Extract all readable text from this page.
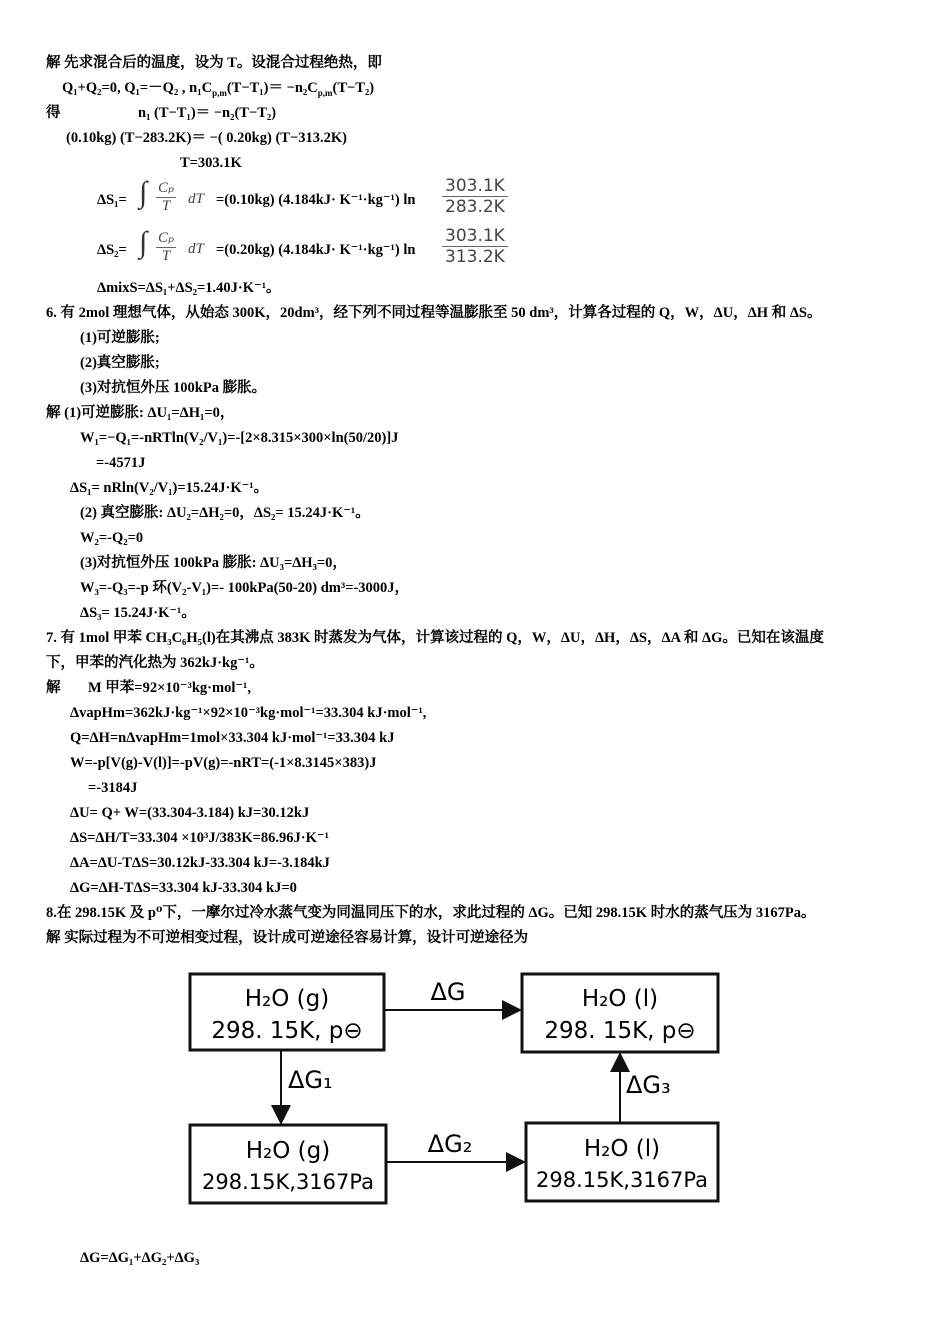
解 先求混合后的温度，设为 T。设混合过程绝热，即
Q₁+Q₂=0, Q₁=－Q₂ , $n_1C_{p,m}(T-T_1)= -n_2C_{p,m}(T-T_2)$
得	n₁ (T−T₁)＝ −n₂(T−T₂)
(0.10kg) (T−283.2K)＝ −( 0.20kg) (T−313.2K)
T=303.1K
ΔS₁= ∫ $\frac{\text{Cₚ}}{T}$ dT =(0.10kg) (4.184kJ· K⁻¹·kg⁻¹) $\ln \frac{303.1K}{283.2K}$
ΔS₂= ∫ $\frac{\text{Cₚ}}{T}$ dT =(0.20kg) (4.184kJ· K⁻¹·kg⁻¹) $\ln \frac{303.1K}{313.2K}$
ΔmixS=ΔS₁+ΔS₂=1.40J·K⁻¹。
6. 有 2mol 理想气体，从始态 300K，20dm³，经下列不同过程等温膨胀至 50 dm³，计算各过程的 Q，W，ΔU，ΔH 和 ΔS。
(1)可逆膨胀;
(2)真空膨胀;
(3)对抗恒外压 100kPa 膨胀。
解 (1)可逆膨胀: ΔU₁=ΔH₁=0，
W₁=−Q₁=-nRTln(V₂/V₁)=-[2×8.315×300×ln(50/20)]J
=-4571J
ΔS₁= nRln(V₂/V₁)=15.24J·K⁻¹。
(2) 真空膨胀: ΔU₂=ΔH₂=0，ΔS₂= 15.24J·K⁻¹。
W₂=-Q₂=0
(3)对抗恒外压 100kPa 膨胀: ΔU₃=ΔH₃=0，
W₃=-Q₃=-p 环(V₂-V₁)=- 100kPa(50-20) dm³=-3000J，
ΔS₃= 15.24J·K⁻¹。
7. 有 1mol 甲苯 CH₃C₆H₅(l)在其沸点 383K 时蒸发为气体，计算该过程的 Q，W，ΔU，ΔH，ΔS，ΔA 和 ΔG。已知在该温度
下，甲苯的汽化热为 362kJ·kg⁻¹。
解 M 甲苯=92×10⁻³kg·mol⁻¹,
ΔvapHm=362kJ·kg⁻¹×92×10⁻³kg·mol⁻¹=33.304 kJ·mol⁻¹,
Q=ΔH=nΔvapHm=1mol×33.304 kJ·mol⁻¹=33.304 kJ
W=-p[V(g)-V(l)]=-pV(g)=-nRT=(-1×8.3145×383)J
=-3184J
ΔU= Q+ W=(33.304-3.184) kJ=30.12kJ
ΔS=ΔH/T=33.304 ×10³J/383K=86.96J·K⁻¹
ΔA=ΔU-TΔS=30.12kJ-33.304 kJ=-3.184kJ
ΔG=ΔH-TΔS=33.304 kJ-33.304 kJ=0
8.在 298.15K 及 p⁰下，一摩尔过冷水蒸气变为同温同压下的水，求此过程的 ΔG。已知 298.15K 时水的蒸气压为 3167Pa。
解 实际过程为不可逆相变过程，设计成可逆途径容易计算，设计可逆途径为
H₂O (g)
298. 15K, p⊖
H₂O (l)
298. 15K, p⊖
H₂O (g)
298.15K,3167Pa
H₂O (l)
298.15K,3167Pa
ΔG
ΔG₁
ΔG₂
ΔG₃
ΔG=ΔG₁+ΔG₂+ΔG₃
